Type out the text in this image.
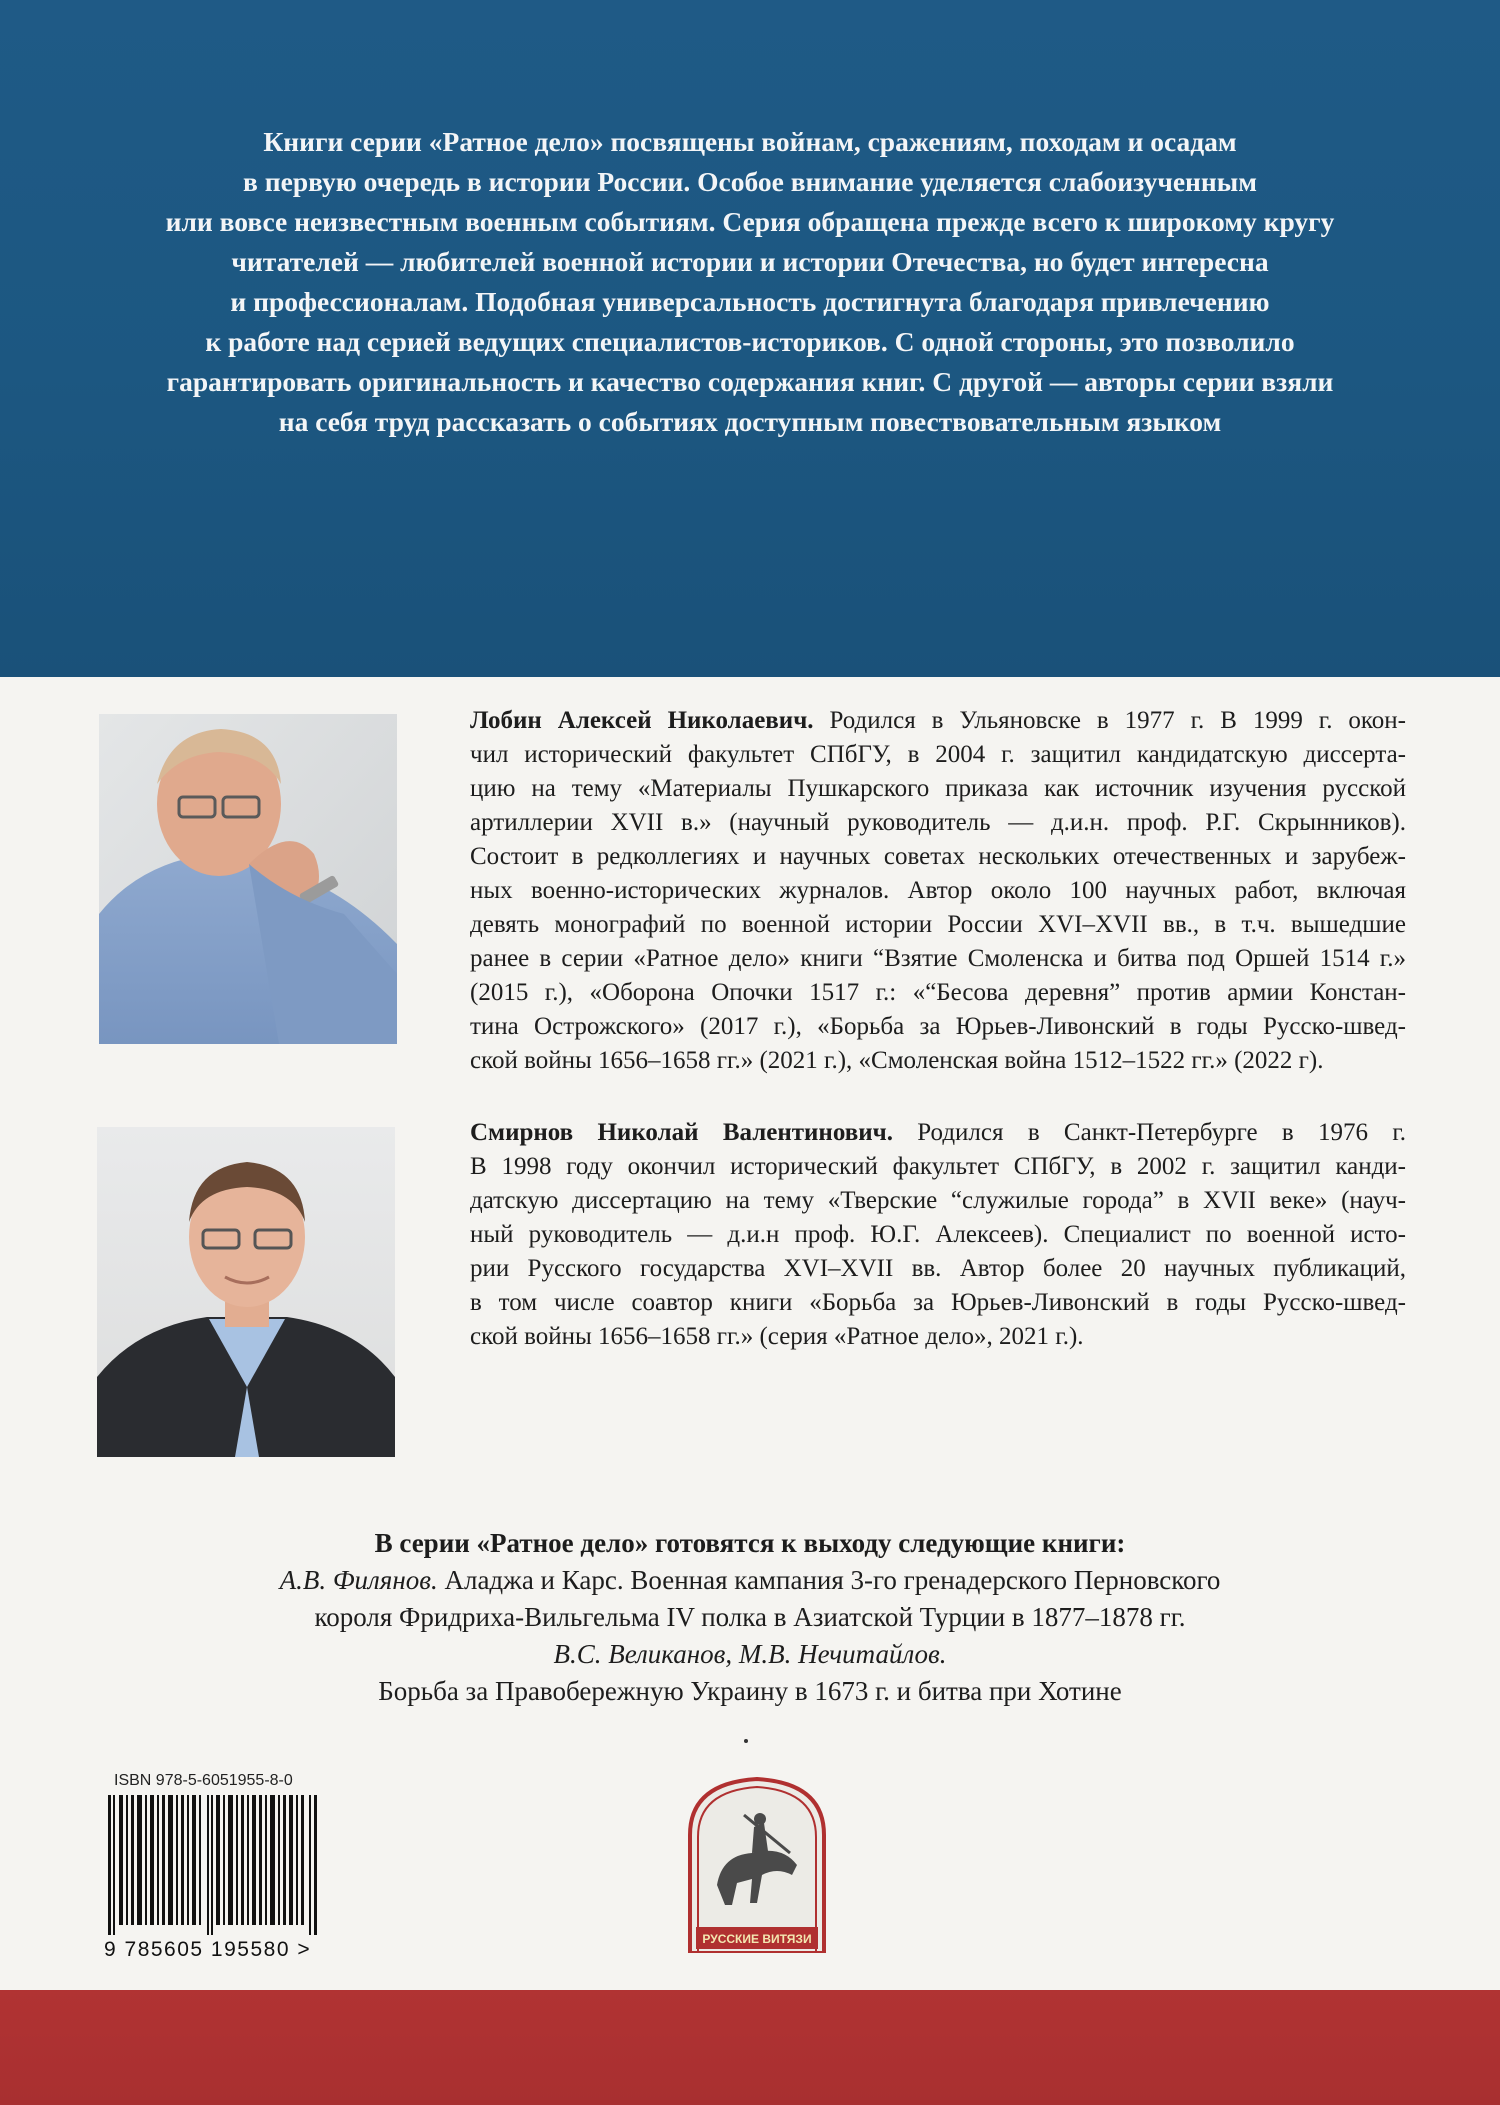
Книги серии «Ратное дело» посвящены войнам, сражениям, походам и осадам
в первую очередь в истории России. Особое внимание уделяется слабоизученным
или вовсе неизвестным военным событиям. Серия обращена прежде всего к широкому кругу
читателей — любителей военной истории и истории Отечества, но будет интересна
и профессионалам. Подобная универсальность достигнута благодаря привлечению
к работе над серией ведущих специалистов-историков. С одной стороны, это позволило
гарантировать оригинальность и качество содержания книг. С другой — авторы серии взяли
на себя труд рассказать о событиях доступным повествовательным языком

Лобин Алексей Николаевич. Родился в Ульяновске в 1977 г. В 1999 г. окон-
чил исторический факультет СПбГУ, в 2004 г. защитил кандидатскую диссерта-
цию на тему «Материалы Пушкарского приказа как источник изучения русской
артиллерии XVII в.» (научный руководитель — д.и.н. проф. Р.Г. Скрынников).
Состоит в редколлегиях и научных советах нескольких отечественных и зарубеж-
ных военно-исторических журналов. Автор около 100 научных работ, включая
девять монографий по военной истории России XVI–XVII вв., в т.ч. вышедшие
ранее в серии «Ратное дело» книги “Взятие Смоленска и битва под Оршей 1514 г.»
(2015 г.), «Оборона Опочки 1517 г.: «“Бесова деревня” против армии Констан-
тина Острожского» (2017 г.), «Борьба за Юрьев-Ливонский в годы Русско-швед-
ской войны 1656–1658 гг.» (2021 г.), «Смоленская война 1512–1522 гг.» (2022 г).
Смирнов Николай Валентинович. Родился в Санкт-Петербурге в 1976 г.
В 1998 году окончил исторический факультет СПбГУ, в 2002 г. защитил канди-
датскую диссертацию на тему «Тверские “служилые города” в XVII веке» (науч-
ный руководитель — д.и.н проф. Ю.Г. Алексеев). Специалист по военной исто-
рии Русского государства XVI–XVII вв. Автор более 20 научных публикаций,
в том числе соавтор книги «Борьба за Юрьев-Ливонский в годы Русско-швед-
ской войны 1656–1658 гг.» (серия «Ратное дело», 2021 г.).
В серии «Ратное дело» готовятся к выходу следующие книги:
А.В. Филянов. Аладжа и Карс. Военная кампания 3-го гренадерского Перновского
короля Фридриха-Вильгельма IV полка в Азиатской Турции в 1877–1878 гг.
В.С. Великанов, М.В. Нечитайлов.
Борьба за Правобережную Украину в 1673 г. и битва при Хотине
ISBN 978-5-6051955-8-0
9 785605 195580 >	РУССКИЕ ВИТЯЗИ
